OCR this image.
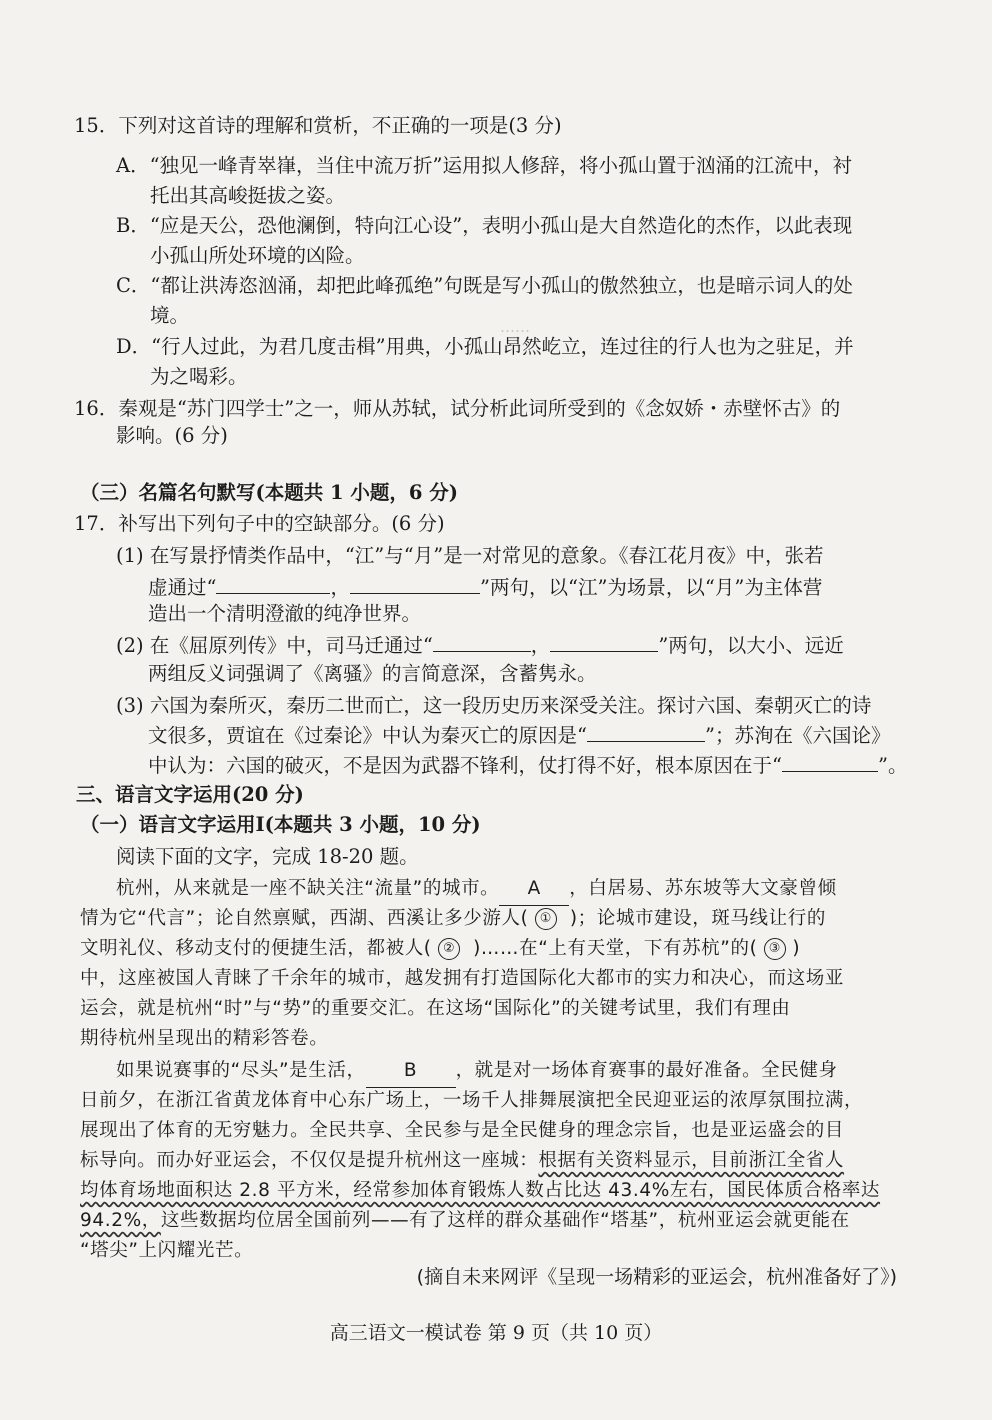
……
15．下列对这首诗的理解和赏析，不正确的一项是(3 分)
A．“独见一峰青崒嵂，当住中流万折”运用拟人修辞，将小孤山置于汹涌的江流中，衬
托出其高峻挺拔之姿。
B．“应是天公，恐他澜倒，特向江心设”，表明小孤山是大自然造化的杰作，以此表现
小孤山所处环境的凶险。
C．“都让洪涛恣汹涌，却把此峰孤绝”句既是写小孤山的傲然独立，也是暗示词人的处
境。
D．“行人过此，为君几度击楫”用典，小孤山昂然屹立，连过往的行人也为之驻足，并
为之喝彩。
16．秦观是“苏门四学士”之一，师从苏轼，试分析此词所受到的《念奴娇・赤壁怀古》的
影响。(6 分)
（三）名篇名句默写(本题共 1 小题，6 分)
17．补写出下列句子中的空缺部分。(6 分)
(1) 在写景抒情类作品中，“江”与“月”是一对常见的意象。《春江花月夜》中，张若
虚通过“	，	”两句，以“江”为场景，以“月”为主体营
造出一个清明澄澈的纯净世界。
(2) 在《屈原列传》中，司马迁通过“	，	”两句，以大小、远近
两组反义词强调了《离骚》的言简意深，含蓄隽永。
(3) 六国为秦所灭，秦历二世而亡，这一段历史历来深受关注。探讨六国、秦朝灭亡的诗
文很多，贾谊在《过秦论》中认为秦灭亡的原因是“	”；苏洵在《六国论》
中认为：六国的破灭，不是因为武器不锋利，仗打得不好，根本原因在于“	”。
三、语言文字运用(20 分)
（一）语言文字运用Ⅰ(本题共 3 小题，10 分)
阅读下面的文字，完成 18-20 题。
杭州，从来就是一座不缺关注“流量”的城市。 A ，白居易、苏东坡等大文豪曾倾
情为它“代言”；论自然禀赋，西湖、西溪让多少游人( ① )；论城市建设，斑马线让行的
文明礼仪、移动支付的便捷生活，都被人( ② )……在“上有天堂，下有苏杭”的( ③ )
中，这座被国人青睐了千余年的城市，越发拥有打造国际化大都市的实力和决心，而这场亚
运会，就是杭州“时”与“势”的重要交汇。在这场“国际化”的关键考试里，我们有理由
期待杭州呈现出的精彩答卷。
如果说赛事的“尽头”是生活， B ，就是对一场体育赛事的最好准备。全民健身
日前夕，在浙江省黄龙体育中心东广场上，一场千人排舞展演把全民迎亚运的浓厚氛围拉满，
展现出了体育的无穷魅力。全民共享、全民参与是全民健身的理念宗旨，也是亚运盛会的目
标导向。而办好亚运会，不仅仅是提升杭州这一座城：根据有关资料显示，目前浙江全省人
均体育场地面积达 2.8 平方米，经常参加体育锻炼人数占比达 43.4%左右，国民体质合格率达
94.2%，这些数据均位居全国前列——有了这样的群众基础作“塔基”，杭州亚运会就更能在
“塔尖”上闪耀光芒。
(摘自未来网评《呈现一场精彩的亚运会，杭州准备好了》)
高三语文一模试卷 第 9 页（共 10 页）
